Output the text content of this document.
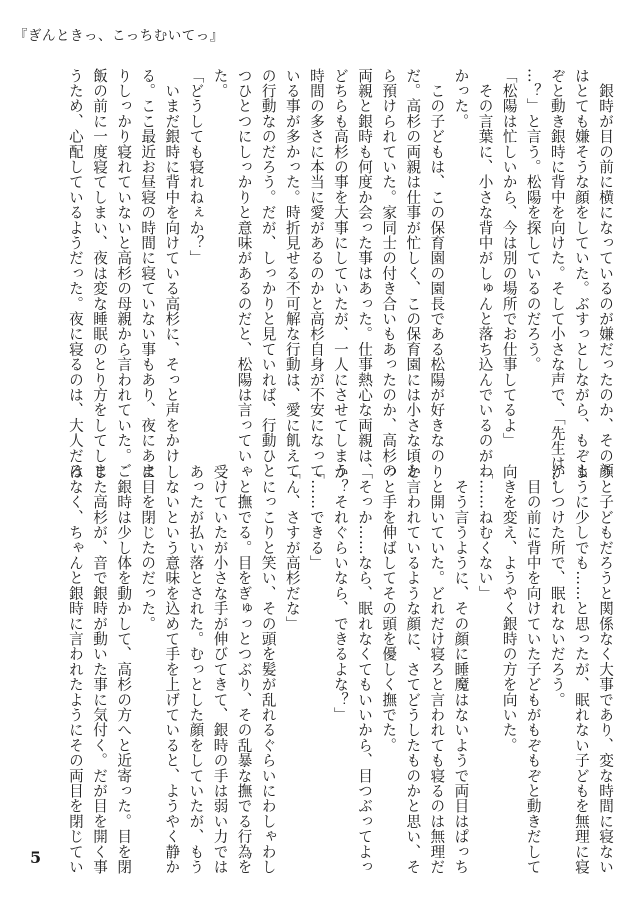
『ぎんときっ、こっちむいてっ』

　銀時が目の前に横になっているのが嫌だったのか、その顔

はとても嫌そうな顔をしていた。ぶすっとしながら、もぞも

ぞと動き銀時に背中を向けた。そして小さな声で、「先生は…

…？」と言う。松陽を探しているのだろう。

「松陽は忙しいから、今は別の場所でお仕事してるよ」

　その言葉に、小さな背中がしゅんと落ち込んでいるのがわ

かった。

　この子どもは、この保育園の園長である松陽が好きなの

だ。高杉の両親は仕事が忙しく、この保育園には小さな頃か

ら預けられていた。家同士の付き合いもあったのか、高杉の

両親と銀時も何度か会った事はあった。仕事熱心な両親は、

どちらも高杉の事を大事にしていたが、一人にさせてしまう

時間の多さに本当に愛があるのかと高杉自身が不安になって

いる事が多かった。時折見せる不可解な行動は、愛に飢えて

の行動なのだろう。だが、しっかりと見ていれば、行動ひと

つひとつにしっかりと意味があるのだと、松陽は言ってい

た。

「どうしても寝れねぇか？」

　いまだ銀時に背中を向けている高杉に、そっと声をかけ

る。ここ最近お昼寝の時間に寝ていない事もあり、夜にあま

りしっかり寝れていないと高杉の母親から言われていた。ご

飯の前に一度寝てしまい、夜は変な睡眠のとり方をしてしま

うため、心配しているようだった。夜に寝るのは、大人だろ

うと子どもだろうと関係なく大事であり、変な時間に寝ない

ように少しでも……と思ったが、眠れない子どもを無理に寝

かしつけた所で、眠れないだろう。

　目の前に背中を向けていた子どもがもぞもぞと動きだして

向きを変え、ようやく銀時の方を向いた。

「……ねむくない」

　そう言うように、その顔に睡魔はないようで両目はぱっち

りと開いていた。どれだけ寝ろと言われても寝るのは無理だ

と言われているような顔に、さてどうしたものかと思い、そ

っと手を伸ばしてその頭を優しく撫でた。

「そっか……なら、眠れなくてもいいから、目つぶってよっ

か？それぐらいなら、できるよな？」

「……できる」

「ん、さすが高杉だな」

　にっこりと笑い、その頭を髪が乱れるぐらいにわしゃわし

ゃと撫でる。目をぎゅっとつぶり、その乱暴な撫でる行為を

受けていたが小さな手が伸びてきて、銀時の手は弱い力では

あったが払い落とされた。むっとした顔をしていたが、もう

しないという意味を込めて手を上げていると、ようやく静か

に目を閉じたのだった。

　銀時は少し体を動かして、高杉の方へと近寄った。目を閉

じた高杉が、音で銀時が動いた事に気付く。だが目を開く事

はなく、ちゃんと銀時に言われたようにその両目を閉じてい

5
